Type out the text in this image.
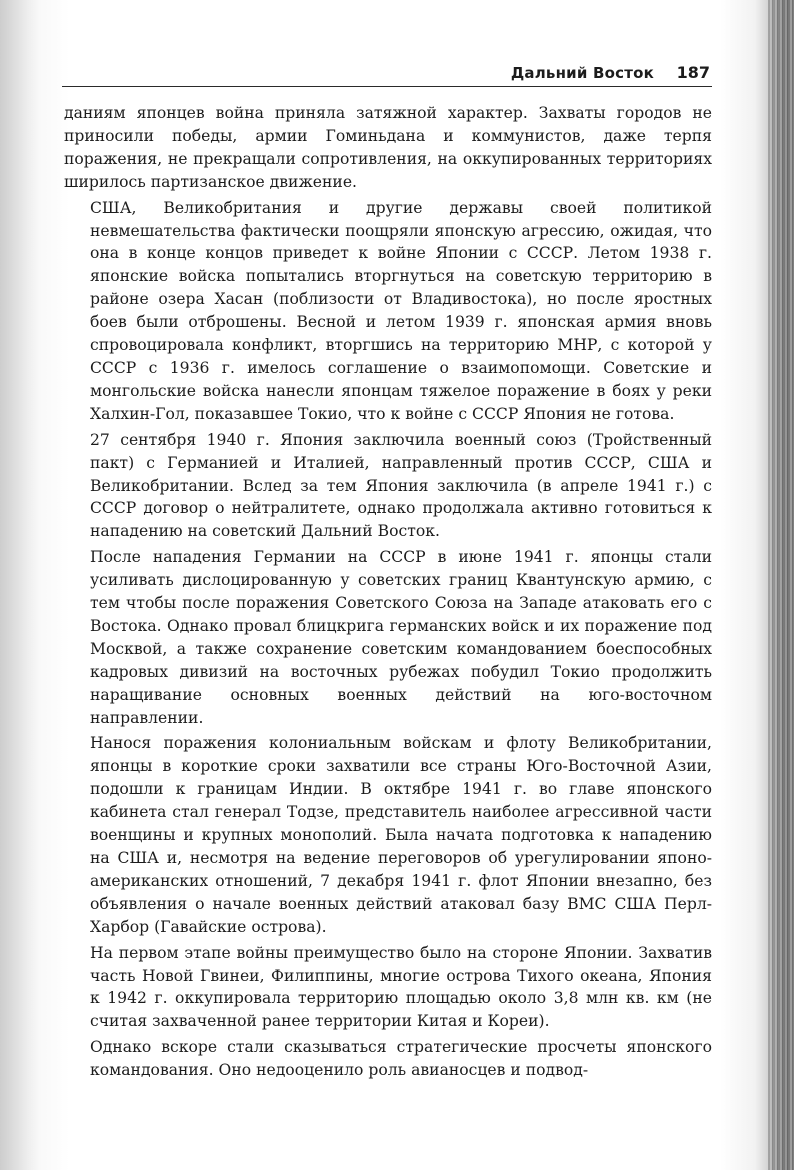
Дальний Восток 187

даниям японцев война приняла затяжной характер. Захваты городов не приносили победы, армии Гоминьдана и коммунистов, даже терпя поражения, не прекращали сопротивления, на оккупированных территориях ширилось партизанское движение.

США, Великобритания и другие державы своей политикой невмешательства фактически поощряли японскую агрессию, ожидая, что она в конце концов приведет к войне Японии с СССР. Летом 1938 г. японские войска попытались вторгнуться на советскую территорию в районе озера Хасан (поблизости от Владивостока), но после яростных боев были отброшены. Весной и летом 1939 г. японская армия вновь спровоцировала конфликт, вторгшись на территорию МНР, с которой у СССР с 1936 г. имелось соглашение о взаимопомощи. Советские и монгольские войска нанесли японцам тяжелое поражение в боях у реки Халхин-Гол, показавшее Токио, что к войне с СССР Япония не готова.

27 сентября 1940 г. Япония заключила военный союз (Тройственный пакт) с Германией и Италией, направленный против СССР, США и Великобритании. Вслед за тем Япония заключила (в апреле 1941 г.) с СССР договор о нейтралитете, однако продолжала активно готовиться к нападению на советский Дальний Восток.

После нападения Германии на СССР в июне 1941 г. японцы стали усиливать дислоцированную у советских границ Квантунскую армию, с тем чтобы после поражения Советского Союза на Западе атаковать его с Востока. Однако провал блицкрига германских войск и их поражение под Москвой, а также сохранение советским командованием боеспособных кадровых дивизий на восточных рубежах побудил Токио продолжить наращивание основных военных действий на юго-восточном направлении.

Нанося поражения колониальным войскам и флоту Великобритании, японцы в короткие сроки захватили все страны Юго-Восточной Азии, подошли к границам Индии. В октябре 1941 г. во главе японского кабинета стал генерал Тодзе, представитель наиболее агрессивной части военщины и крупных монополий. Была начата подготовка к нападению на США и, несмотря на ведение переговоров об урегулировании японо-американских отношений, 7 декабря 1941 г. флот Японии внезапно, без объявления о начале военных действий атаковал базу ВМС США Перл-Харбор (Гавайские острова).

На первом этапе войны преимущество было на стороне Японии. Захватив часть Новой Гвинеи, Филиппины, многие острова Тихого океана, Япония к 1942 г. оккупировала территорию площадью около 3,8 млн кв. км (не считая захваченной ранее территории Китая и Кореи).

Однако вскоре стали сказываться стратегические просчеты японского командования. Оно недооценило роль авианосцев и подвод-
